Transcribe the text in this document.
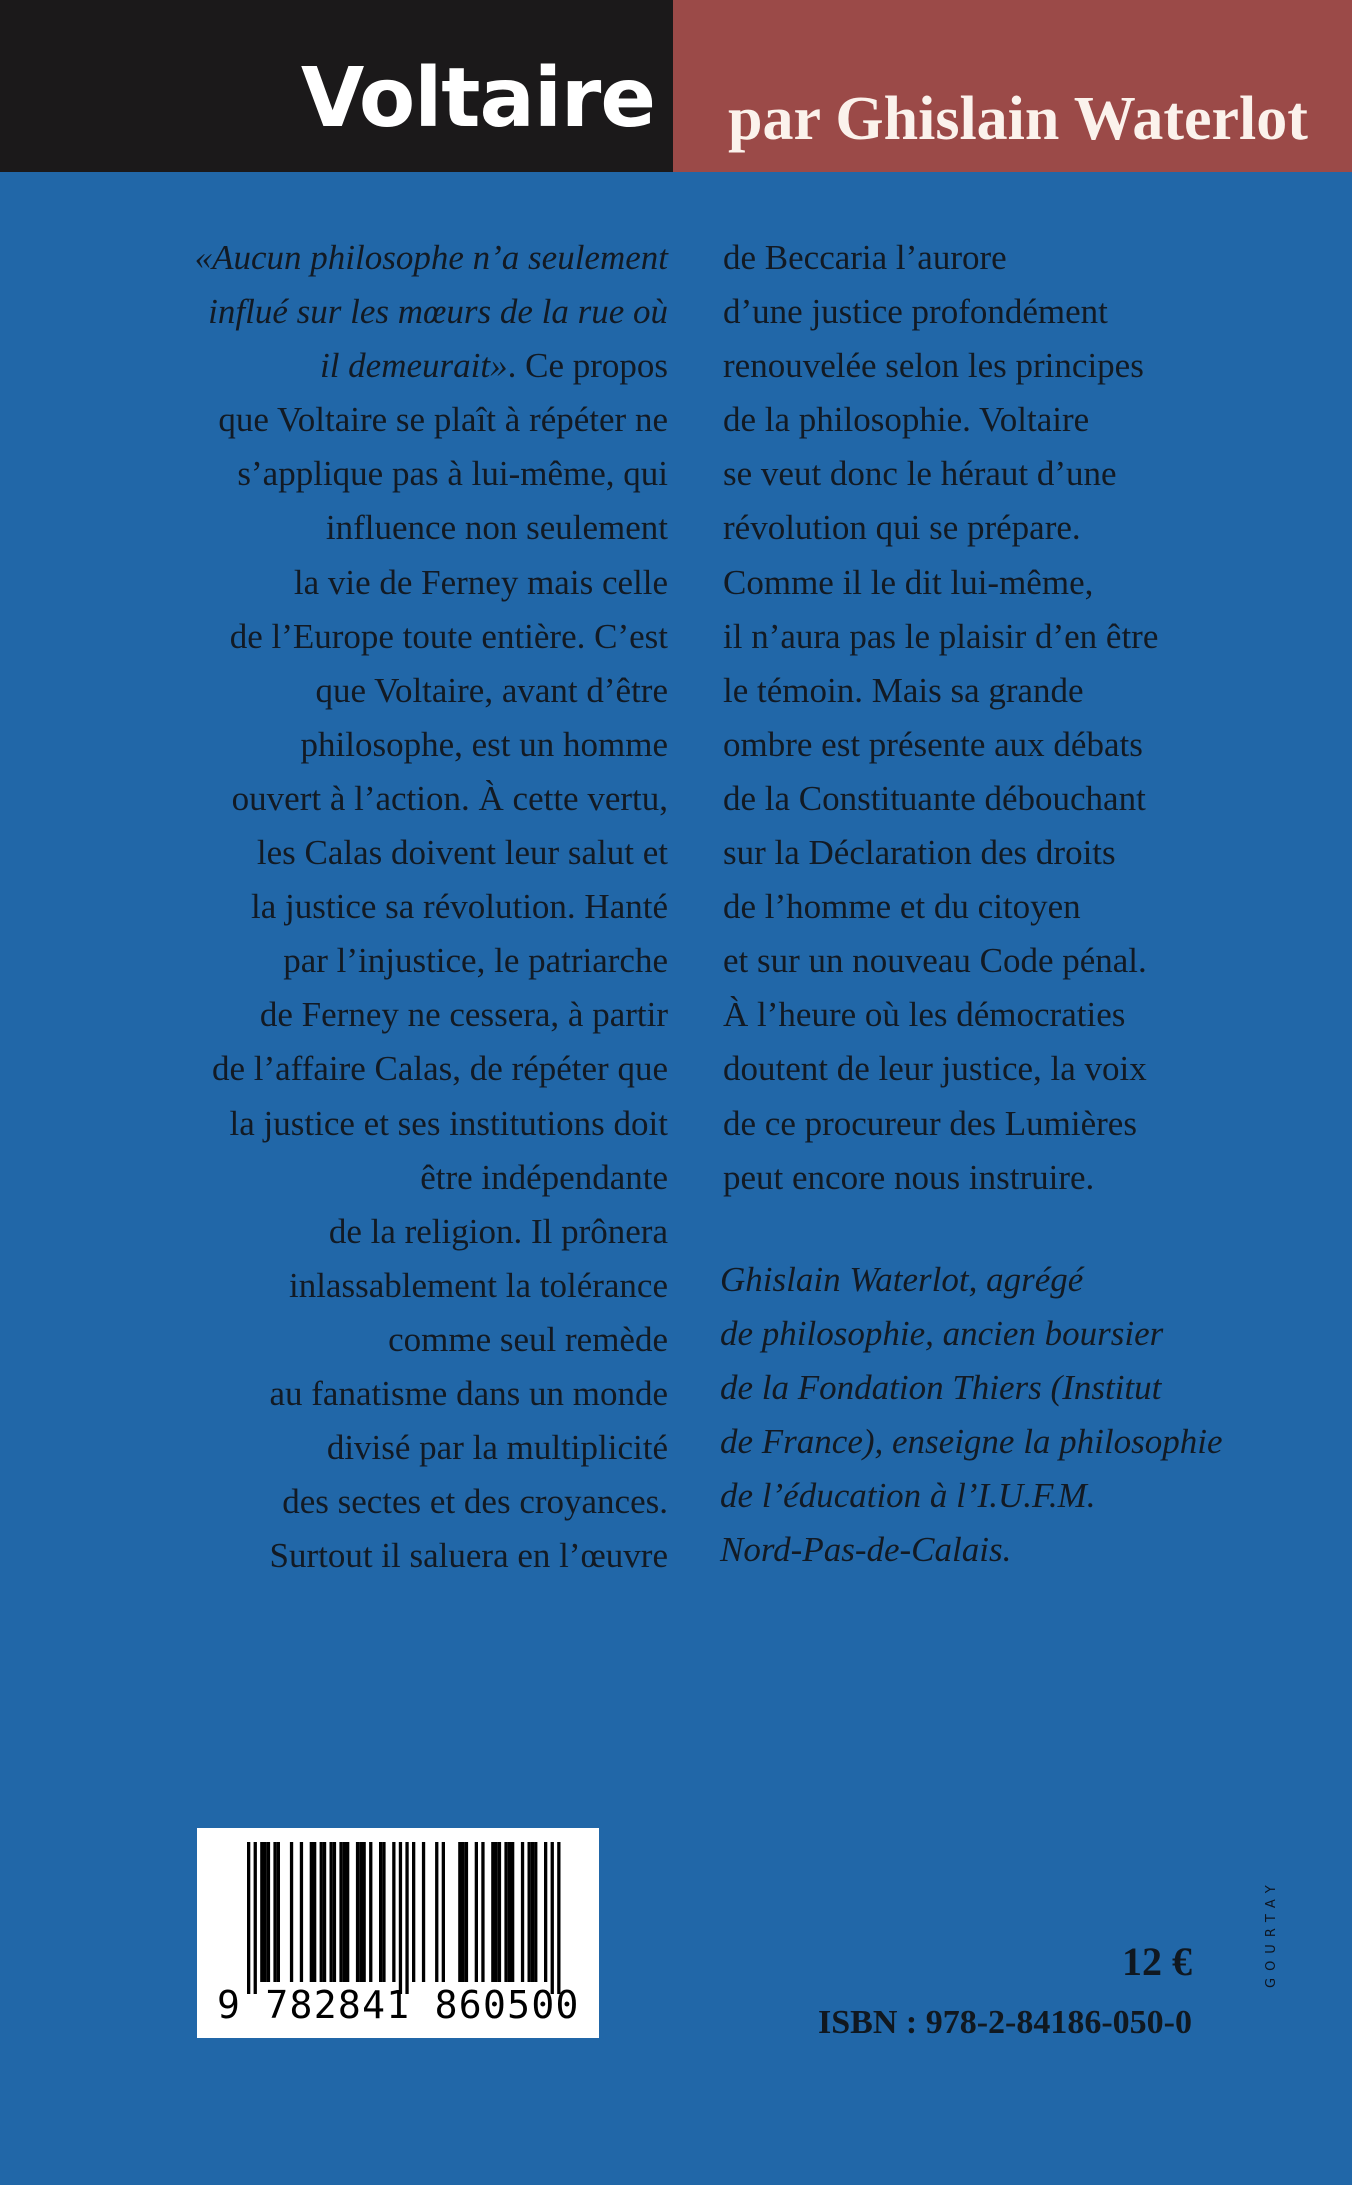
Voltaire par Ghislain Waterlot
«Aucun philosophe n’a seulement
influé sur les mœurs de la rue où
il demeurait». Ce propos
que Voltaire se plaît à répéter ne
s’applique pas à lui-même, qui
influence non seulement
la vie de Ferney mais celle
de l’Europe toute entière. C’est
que Voltaire, avant d’être
philosophe, est un homme
ouvert à l’action. À cette vertu,
les Calas doivent leur salut et
la justice sa révolution. Hanté
par l’injustice, le patriarche
de Ferney ne cessera, à partir
de l’affaire Calas, de répéter que
la justice et ses institutions doit
être indépendante
de la religion. Il prônera
inlassablement la tolérance
comme seul remède
au fanatisme dans un monde
divisé par la multiplicité
des sectes et des croyances.
Surtout il saluera en l’œuvre
de Beccaria l’aurore
d’une justice profondément
renouvelée selon les principes
de la philosophie. Voltaire
se veut donc le héraut d’une
révolution qui se prépare.
Comme il le dit lui-même,
il n’aura pas le plaisir d’en être
le témoin. Mais sa grande
ombre est présente aux débats
de la Constituante débouchant
sur la Déclaration des droits
de l’homme et du citoyen
et sur un nouveau Code pénal.
À l’heure où les démocraties
doutent de leur justice, la voix
de ce procureur des Lumières
peut encore nous instruire.
Ghislain Waterlot, agrégé
de philosophie, ancien boursier
de la Fondation Thiers (Institut
de France), enseigne la philosophie
de l’éducation à l’I.U.F.M.
Nord-Pas-de-Calais.
9 782841 860500

12 €

ISBN : 978-2-84186-050-0

GOURTAY
